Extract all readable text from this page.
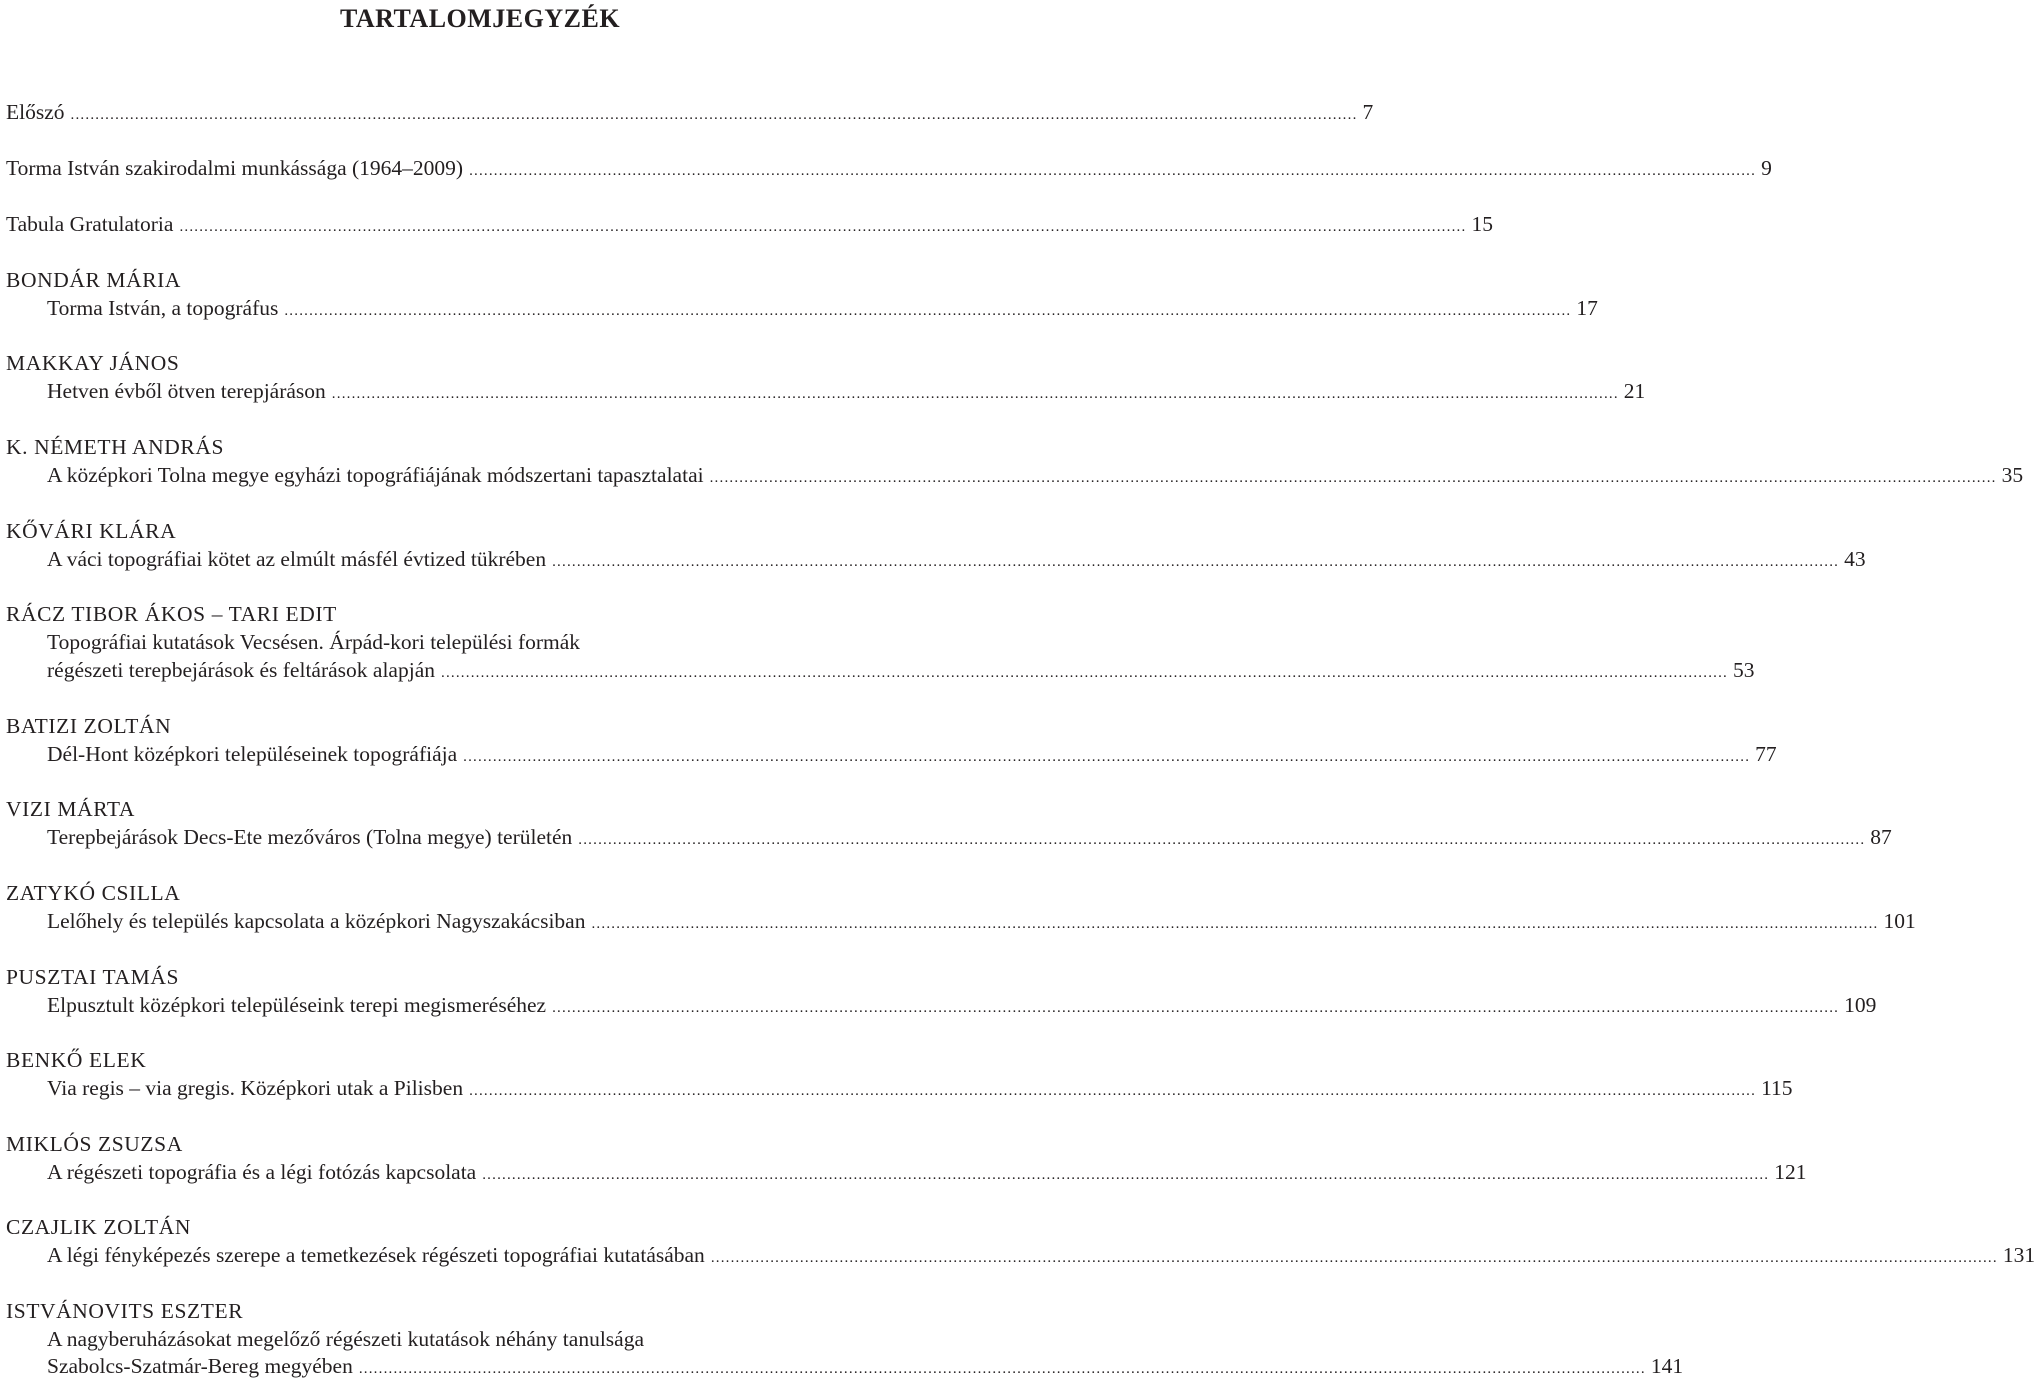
TARTALOMJEGYZÉK
Előszó .................................................................................................................................................................................................................................................................... 7
Torma István szakirodalmi munkássága (1964–2009) .................................................................................................................................................................................................................................................................... 9
Tabula Gratulatoria .................................................................................................................................................................................................................................................................... 15
BONDÁR MÁRIA
Torma István, a topográfus .................................................................................................................................................................................................................................................................... 17
MAKKAY JÁNOS
Hetven évből ötven terepjáráson .................................................................................................................................................................................................................................................................... 21
K. NÉMETH ANDRÁS
A középkori Tolna megye egyházi topográfiájának módszertani tapasztalatai .................................................................................................................................................................................................................................................................... 35
KŐVÁRI KLÁRA
A váci topográfiai kötet az elmúlt másfél évtized tükrében .................................................................................................................................................................................................................................................................... 43
RÁCZ TIBOR ÁKOS – TARI EDIT
Topográfiai kutatások Vecsésen. Árpád-kori települési formák
régészeti terepbejárások és feltárások alapján .................................................................................................................................................................................................................................................................... 53
BATIZI ZOLTÁN
Dél-Hont középkori településeinek topográfiája .................................................................................................................................................................................................................................................................... 77
VIZI MÁRTA
Terepbejárások Decs-Ete mezőváros (Tolna megye) területén .................................................................................................................................................................................................................................................................... 87
ZATYKÓ CSILLA
Lelőhely és település kapcsolata a középkori Nagyszakácsiban .................................................................................................................................................................................................................................................................... 101
PUSZTAI TAMÁS
Elpusztult középkori településeink terepi megismeréséhez .................................................................................................................................................................................................................................................................... 109
BENKŐ ELEK
Via regis – via gregis. Középkori utak a Pilisben .................................................................................................................................................................................................................................................................... 115
MIKLÓS ZSUZSA
A régészeti topográfia és a légi fotózás kapcsolata .................................................................................................................................................................................................................................................................... 121
CZAJLIK ZOLTÁN
A légi fényképezés szerepe a temetkezések régészeti topográfiai kutatásában .................................................................................................................................................................................................................................................................... 131
ISTVÁNOVITS ESZTER
A nagyberuházásokat megelőző régészeti kutatások néhány tanulsága
Szabolcs-Szatmár-Bereg megyében .................................................................................................................................................................................................................................................................... 141
